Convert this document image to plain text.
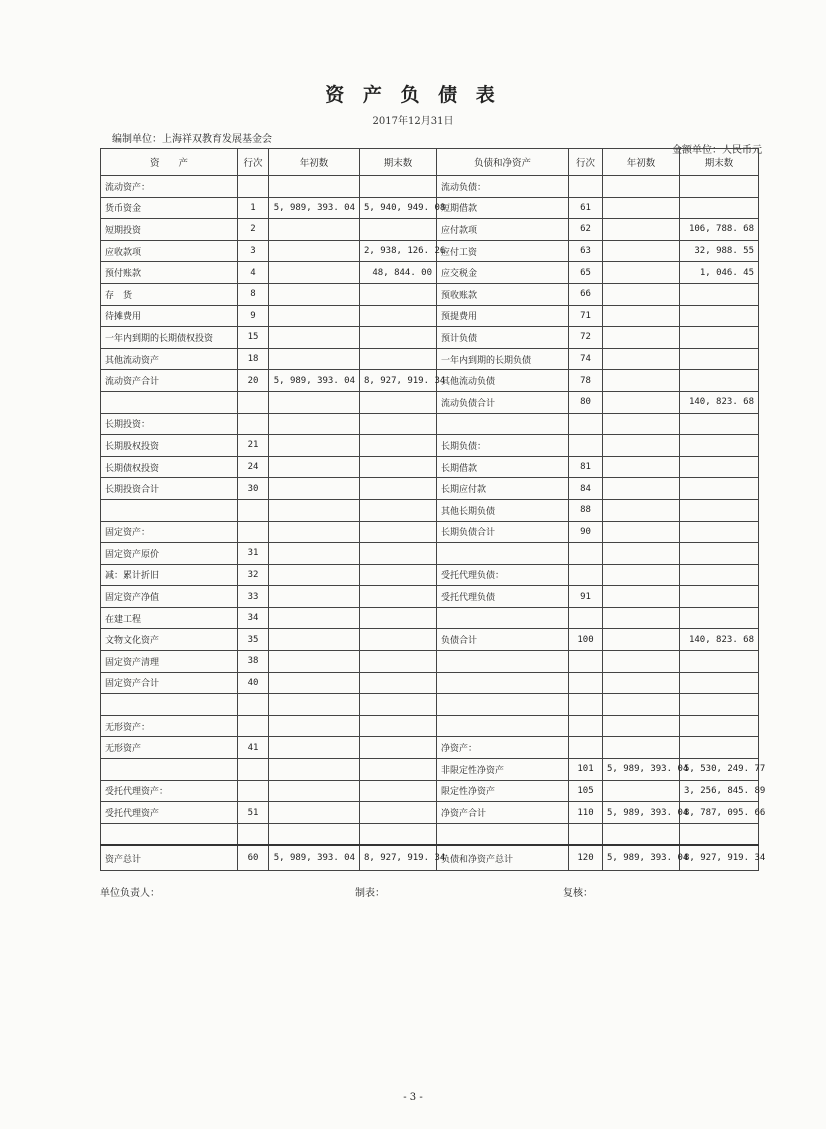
资 产 负 债 表
2017年12月31日
编制单位：上海祥双教育发展基金会
金额单位：人民币元
资　　产	行次	年初数	期末数	负债和净资产	行次	年初数	期末数
流动资产：				流动负债：			
货币资金	1	5, 989, 393. 04	5, 940, 949. 08	短期借款	61		
短期投资	2			应付款项	62		106, 788. 68
应收款项	3		2, 938, 126. 26	应付工资	63		32, 988. 55
预付账款	4		48, 844. 00	应交税金	65		1, 046. 45
存　货	8			预收账款	66		
待摊费用	9			预提费用	71		
一年内到期的长期债权投资	15			预计负债	72		
其他流动资产	18			一年内到期的长期负债	74		
流动资产合计	20	5, 989, 393. 04	8, 927, 919. 34	其他流动负债	78		
				流动负债合计	80		140, 823. 68
长期投资：							
长期股权投资	21			长期负债：			
长期债权投资	24			长期借款	81		
长期投资合计	30			长期应付款	84		
				其他长期负债	88		
固定资产：				长期负债合计	90		
固定资产原价	31						
减：累计折旧	32			受托代理负债：			
固定资产净值	33			受托代理负债	91		
在建工程	34						
文物文化资产	35			负债合计	100		140, 823. 68
固定资产清理	38						
固定资产合计	40						

无形资产：							
无形资产	41			净资产：			
				非限定性净资产	101	5, 989, 393. 04	5, 530, 249. 77
受托代理资产：				限定性净资产	105		3, 256, 845. 89
受托代理资产	51			净资产合计	110	5, 989, 393. 04	8, 787, 095. 66

资产总计	60	5, 989, 393. 04	8, 927, 919. 34	负债和净资产总计	120	5, 989, 393. 04	8, 927, 919. 34
单位负责人：	制表：	复核：
- 3 -
